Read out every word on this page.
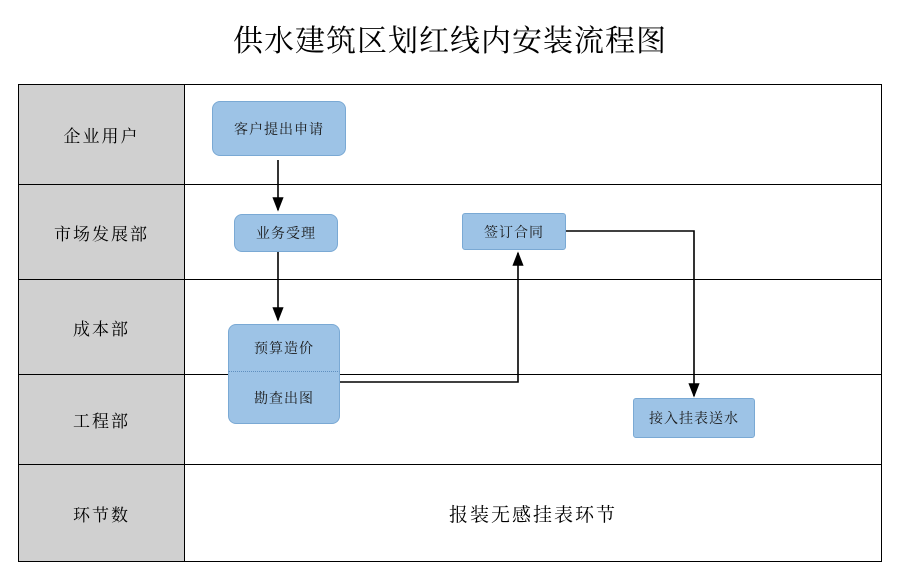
供水建筑区划红线内安装流程图
企业用户
市场发展部
成本部
工程部
环节数	报装无感挂表环节
客户提出申请
业务受理	签订合同
预算造价
勘查出图
接入挂表送水
